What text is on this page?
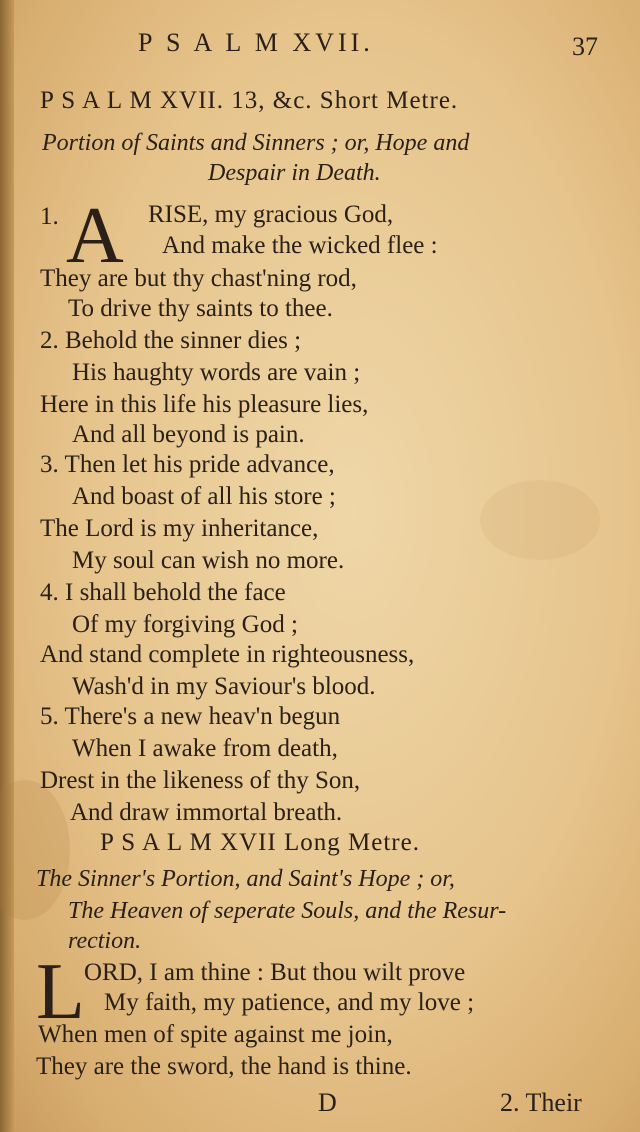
P S A L M XVII.	37
P S A L M XVII. 13, &c. Short Metre.
Portion of Saints and Sinners ; or, Hope and
Despair in Death.
1. A RISE, my gracious God,
And make the wicked flee :
They are but thy chast'ning rod,
To drive thy saints to thee.
2. Behold the sinner dies ;
His haughty words are vain ;
Here in this life his pleasure lies,
And all beyond is pain.
3. Then let his pride advance,
And boast of all his store ;
The Lord is my inheritance,
My soul can wish no more.
4. I shall behold the face
Of my forgiving God ;
And stand complete in righteousness,
Wash'd in my Saviour's blood.
5. There's a new heav'n begun
When I awake from death,
Drest in the likeness of thy Son,
And draw immortal breath.
P S A L M XVII Long Metre.
The Sinner's Portion, and Saint's Hope ; or,
The Heaven of seperate Souls, and the Resur-
rection.
L ORD, I am thine : But thou wilt prove
My faith, my patience, and my love ;
When men of spite against me join,
They are the sword, the hand is thine.
D	2. Their
